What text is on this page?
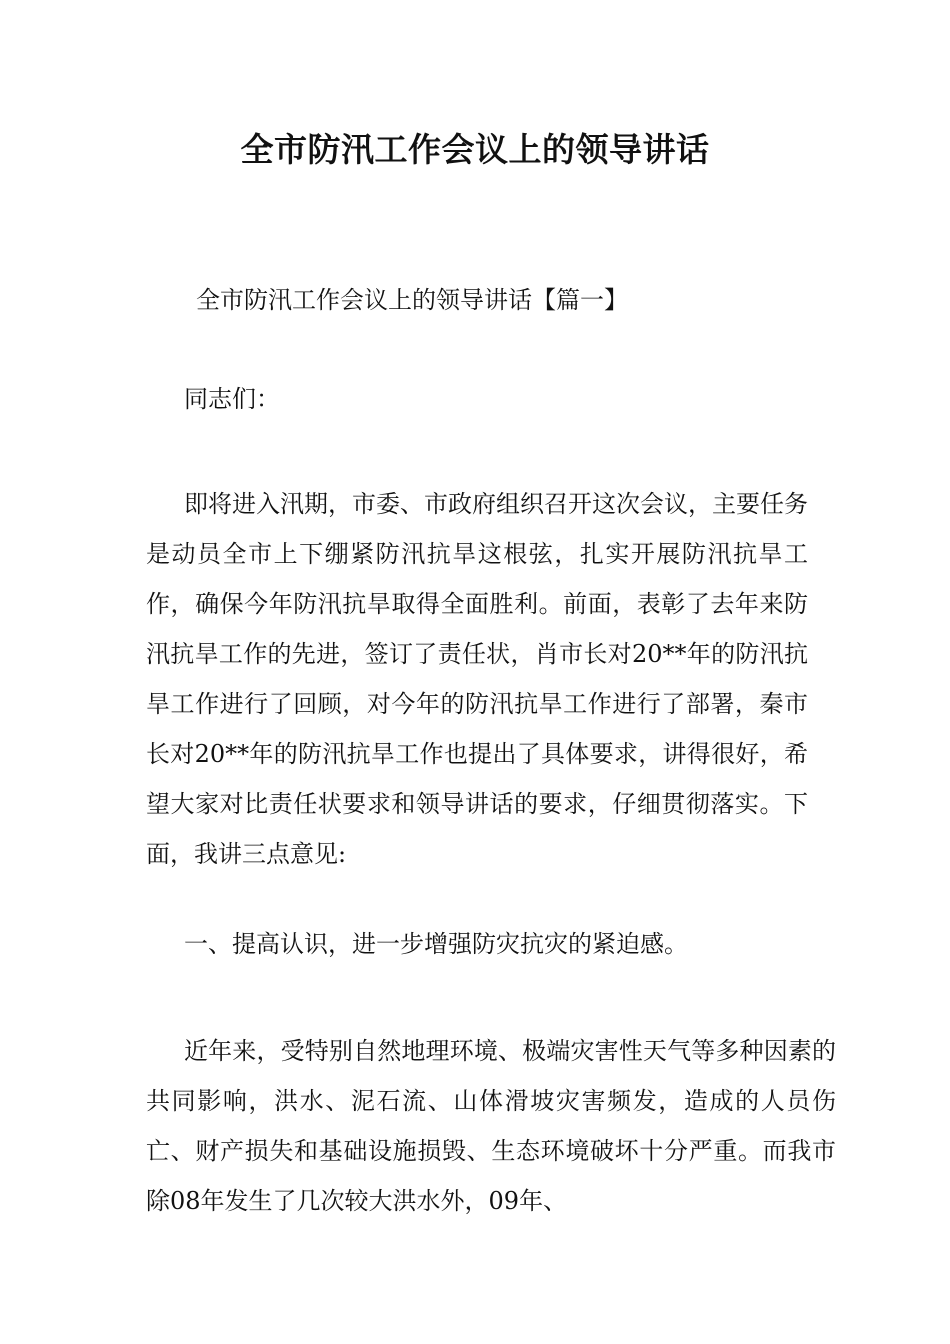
全市防汛工作会议上的领导讲话
全市防汛工作会议上的领导讲话【篇一】
同志们：
即将进入汛期，市委、市政府组织召开这次会议，主要任务是动员全市上下绷紧防汛抗旱这根弦，扎实开展防汛抗旱工作，确保今年防汛抗旱取得全面胜利。前面，表彰了去年来防汛抗旱工作的先进，签订了责任状，肖市长对20**年的防汛抗旱工作进行了回顾，对今年的防汛抗旱工作进行了部署，秦市长对20**年的防汛抗旱工作也提出了具体要求，讲得很好，希望大家对比责任状要求和领导讲话的要求，仔细贯彻落实。下面，我讲三点意见:
一、提高认识，进一步增强防灾抗灾的紧迫感。
近年来，受特别自然地理环境、极端灾害性天气等多种因素的共同影响，洪水、泥石流、山体滑坡灾害频发，造成的人员伤亡、财产损失和基础设施损毁、生态环境破坏十分严重。而我市除08年发生了几次较大洪水外，09年、
